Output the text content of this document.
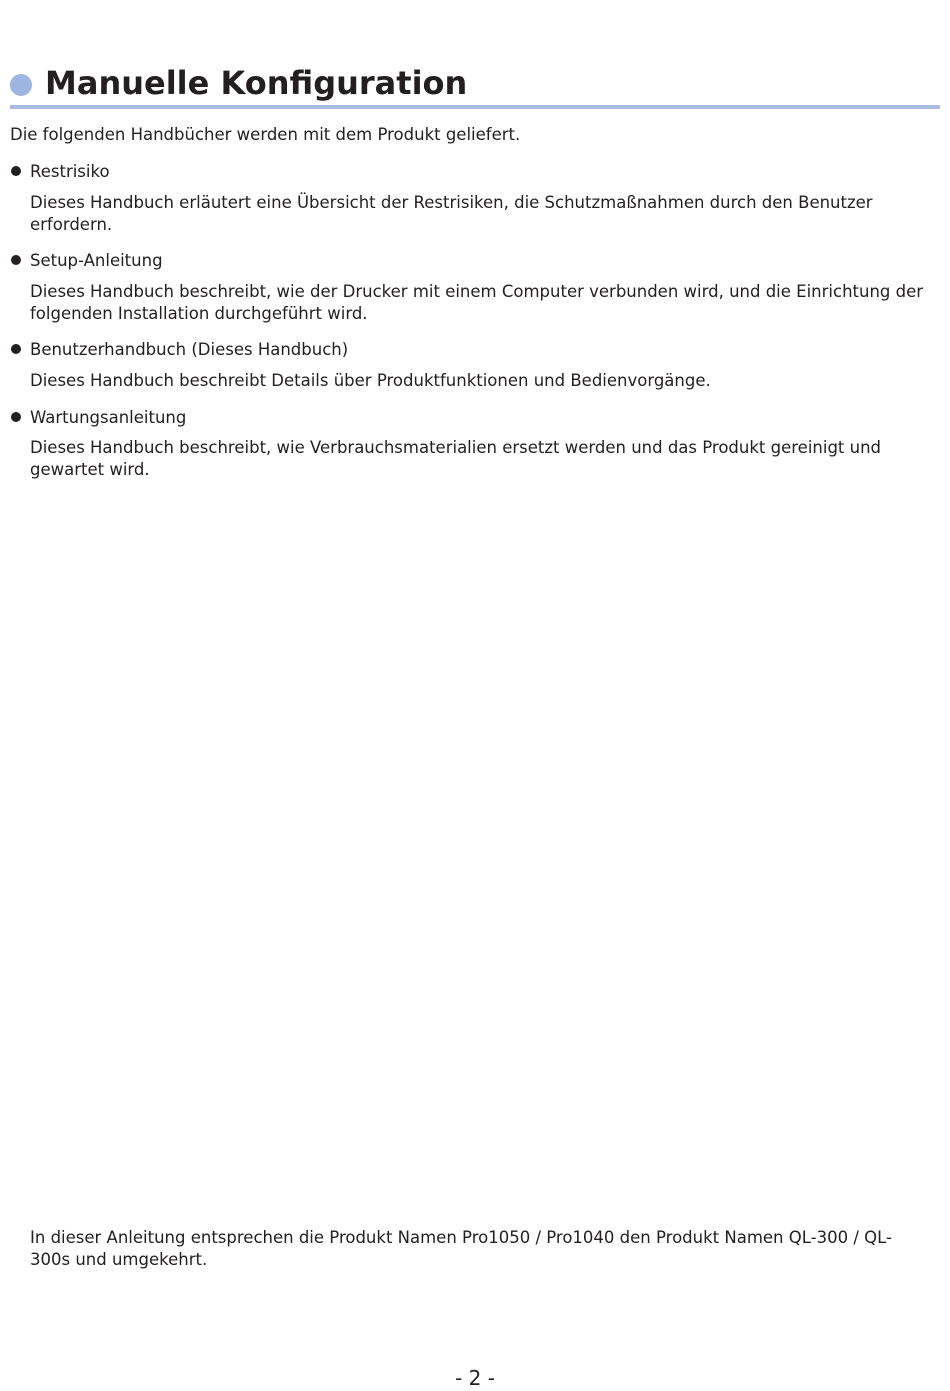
Manuelle Konfiguration
Die folgenden Handbücher werden mit dem Produkt geliefert.
Restrisiko
Dieses Handbuch erläutert eine Übersicht der Restrisiken, die Schutzmaßnahmen durch den Benutzer erfordern.
Setup-Anleitung
Dieses Handbuch beschreibt, wie der Drucker mit einem Computer verbunden wird, und die Einrichtung der folgenden Installation durchgeführt wird.
Benutzerhandbuch (Dieses Handbuch)
Dieses Handbuch beschreibt Details über Produktfunktionen und Bedienvorgänge.
Wartungsanleitung
Dieses Handbuch beschreibt, wie Verbrauchsmaterialien ersetzt werden und das Produkt gereinigt und gewartet wird.
In dieser Anleitung entsprechen die Produkt Namen Pro1050 / Pro1040 den Produkt Namen QL-300 / QL-300s und umgekehrt.
- 2 -
